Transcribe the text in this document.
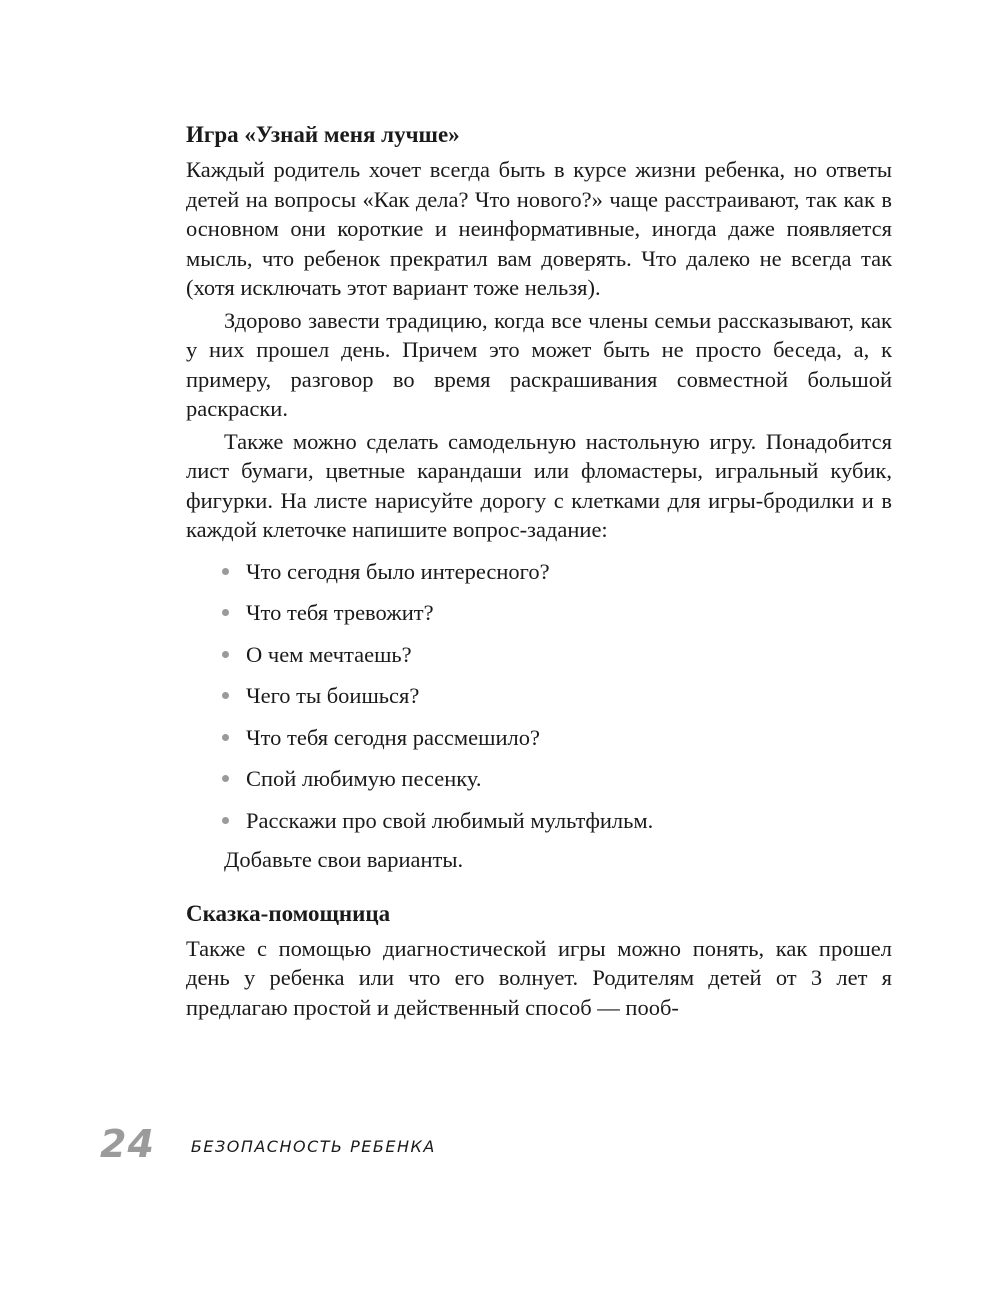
Игра «Узнай меня лучше»

Каждый родитель хочет всегда быть в курсе жизни ребенка, но ответы детей на вопросы «Как дела? Что нового?» чаще расстраивают, так как в основном они короткие и неинформативные, иногда даже появляется мысль, что ребенок прекратил вам доверять. Что далеко не всегда так (хотя исключать этот вариант тоже нельзя).

Здорово завести традицию, когда все члены семьи рассказывают, как у них прошел день. Причем это может быть не просто беседа, а, к примеру, разговор во время раскрашивания совместной большой раскраски.

Также можно сделать самодельную настольную игру. Понадобится лист бумаги, цветные карандаши или фломастеры, игральный кубик, фигурки. На листе нарисуйте дорогу с клетками для игры-бродилки и в каждой клеточке напишите вопрос-задание:

Что сегодня было интересного?
Что тебя тревожит?
О чем мечтаешь?
Чего ты боишься?
Что тебя сегодня рассмешило?
Спой любимую песенку.
Расскажи про свой любимый мультфильм.

Добавьте свои варианты.

Сказка-помощница

Также с помощью диагностической игры можно понять, как прошел день у ребенка или что его волнует. Родителям детей от 3 лет я предлагаю простой и действенный способ — пооб-

24 БЕЗОПАСНОСТЬ РЕБЕНКА
